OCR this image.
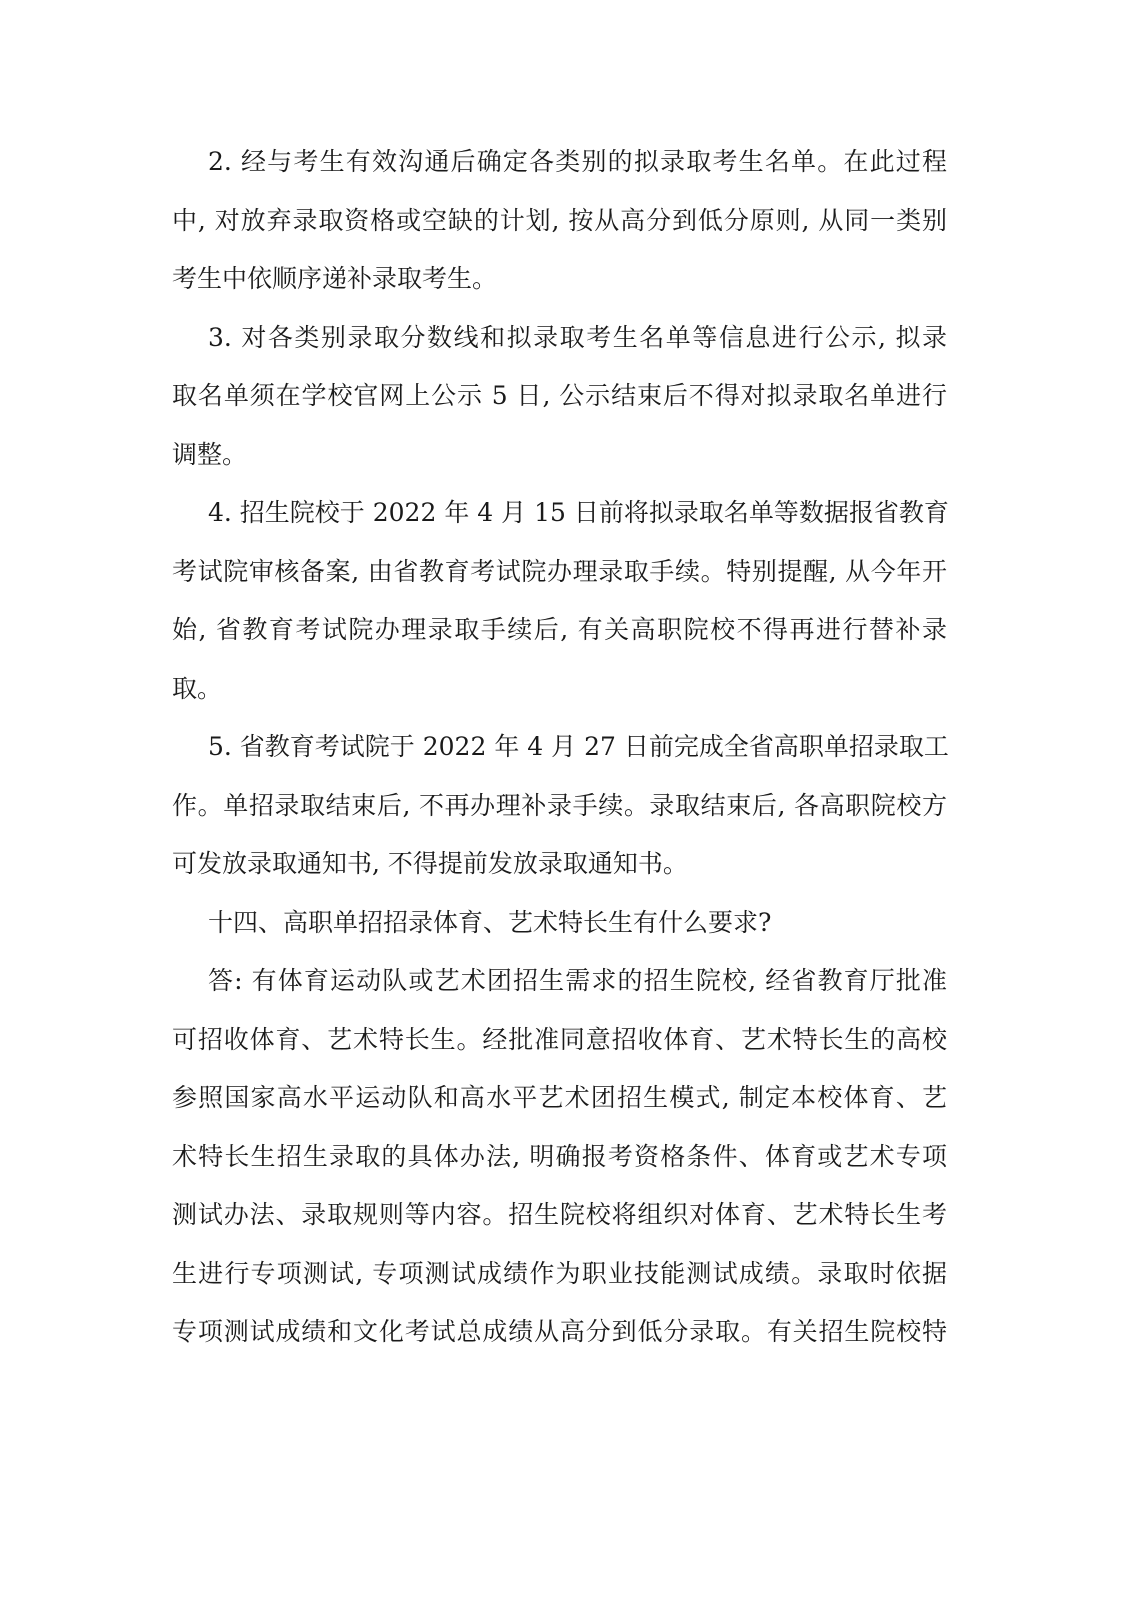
2. 经与考生有效沟通后确定各类别的拟录取考生名单。在此过程
中, 对放弃录取资格或空缺的计划, 按从高分到低分原则, 从同一类别
考生中依顺序递补录取考生。
3. 对各类别录取分数线和拟录取考生名单等信息进行公示, 拟录
取名单须在学校官网上公示 5 日, 公示结束后不得对拟录取名单进行
调整。
4. 招生院校于 2022 年 4 月 15 日前将拟录取名单等数据报省教育
考试院审核备案, 由省教育考试院办理录取手续。特别提醒, 从今年开
始, 省教育考试院办理录取手续后, 有关高职院校不得再进行替补录
取。
5. 省教育考试院于 2022 年 4 月 27 日前完成全省高职单招录取工
作。单招录取结束后, 不再办理补录手续。录取结束后, 各高职院校方
可发放录取通知书, 不得提前发放录取通知书。
十四、高职单招招录体育、艺术特长生有什么要求?
答: 有体育运动队或艺术团招生需求的招生院校, 经省教育厅批准
可招收体育、艺术特长生。经批准同意招收体育、艺术特长生的高校
参照国家高水平运动队和高水平艺术团招生模式, 制定本校体育、艺
术特长生招生录取的具体办法, 明确报考资格条件、体育或艺术专项
测试办法、录取规则等内容。招生院校将组织对体育、艺术特长生考
生进行专项测试, 专项测试成绩作为职业技能测试成绩。录取时依据
专项测试成绩和文化考试总成绩从高分到低分录取。有关招生院校特
